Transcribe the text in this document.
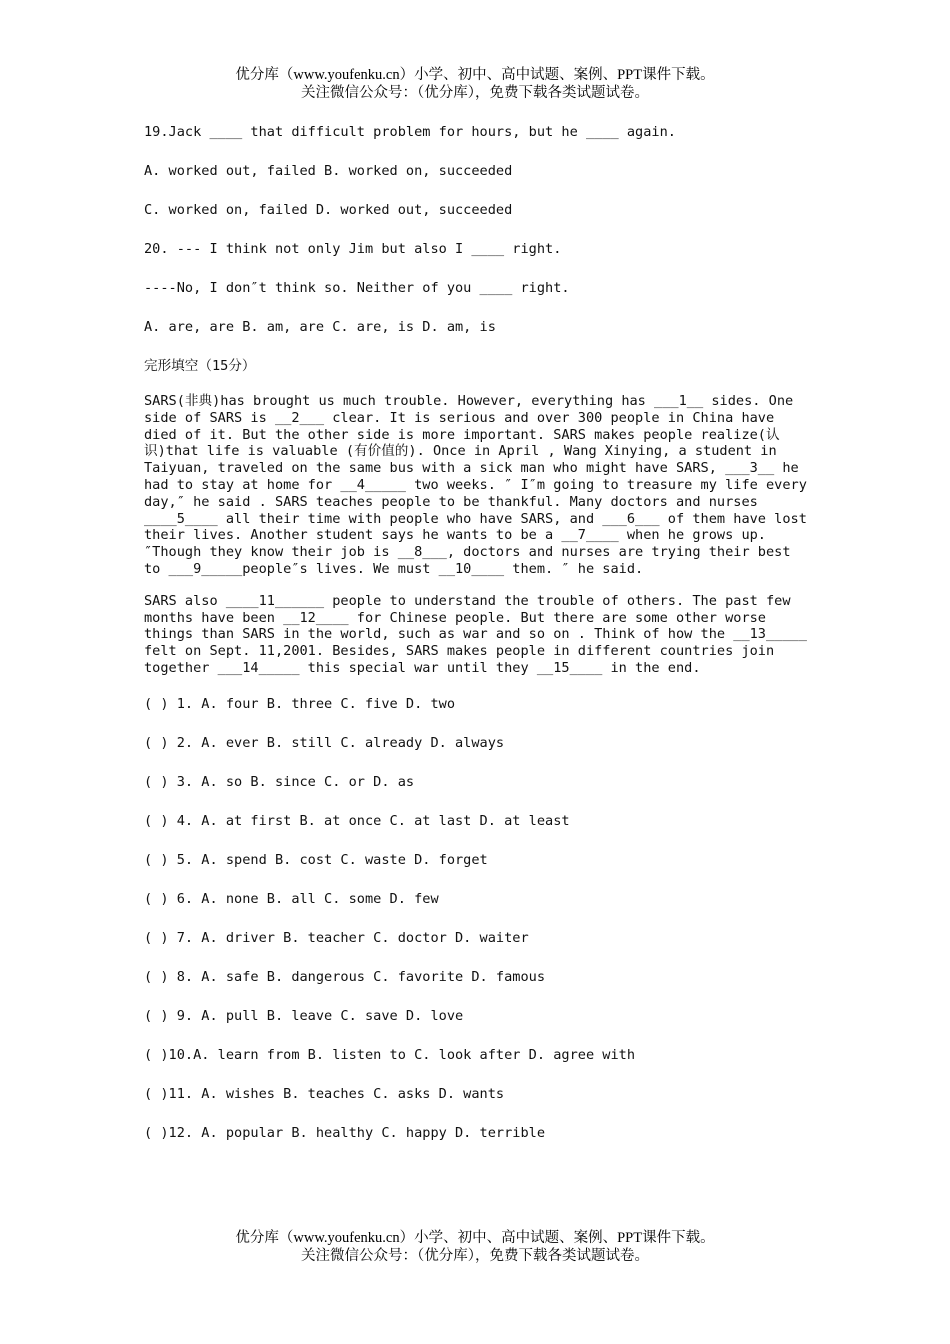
优分库（www.youfenku.cn）小学、初中、高中试题、案例、PPT课件下载。
关注微信公众号：（优分库），免费下载各类试题试卷。
19.Jack ____ that difficult problem for hours, but he ____ again.
A. worked out, failed B. worked on, succeeded
C. worked on, failed D. worked out, succeeded
20. --- I think not only Jim but also I ____ right.
----No, I don″t think so. Neither of you ____ right.
A. are, are B. am, are C. are, is D. am, is
完形填空（15分）
SARS(非典)has brought us much trouble. However, everything has ___1__ sides. One side of SARS is __2___ clear. It is serious and over 300 people in China have died of it. But the other side is more important. SARS makes people realize(认识)that life is valuable (有价值的). Once in April , Wang Xinying, a student in Taiyuan, traveled on the same bus with a sick man who might have SARS, ___3__ he had to stay at home for __4_____ two weeks. ″ I″m going to treasure my life every day,″ he said . SARS teaches people to be thankful. Many doctors and nurses ____5____ all their time with people who have SARS, and ___6___ of them have lost their lives. Another student says he wants to be a __7____ when he grows up. ″Though they know their job is __8___, doctors and nurses are trying their best to ___9_____people″s lives. We must __10____ them. ″ he said.
SARS also ____11______ people to understand the trouble of others. The past few months have been __12____ for Chinese people. But there are some other worse things than SARS in the world, such as war and so on . Think of how the __13_____ felt on Sept. 11,2001. Besides, SARS makes people in different countries join together ___14_____ this special war until they __15____ in the end.
( ) 1. A. four B. three C. five D. two
( ) 2. A. ever B. still C. already D. always
( ) 3. A. so B. since C. or D. as
( ) 4. A. at first B. at once C. at last D. at least
( ) 5. A. spend B. cost C. waste D. forget
( ) 6. A. none B. all C. some D. few
( ) 7. A. driver B. teacher C. doctor D. waiter
( ) 8. A. safe B. dangerous C. favorite D. famous
( ) 9. A. pull B. leave C. save D. love
( )10.A. learn from B. listen to C. look after D. agree with
( )11. A. wishes B. teaches C. asks D. wants
( )12. A. popular B. healthy C. happy D. terrible
优分库（www.youfenku.cn）小学、初中、高中试题、案例、PPT课件下载。
关注微信公众号：（优分库），免费下载各类试题试卷。
